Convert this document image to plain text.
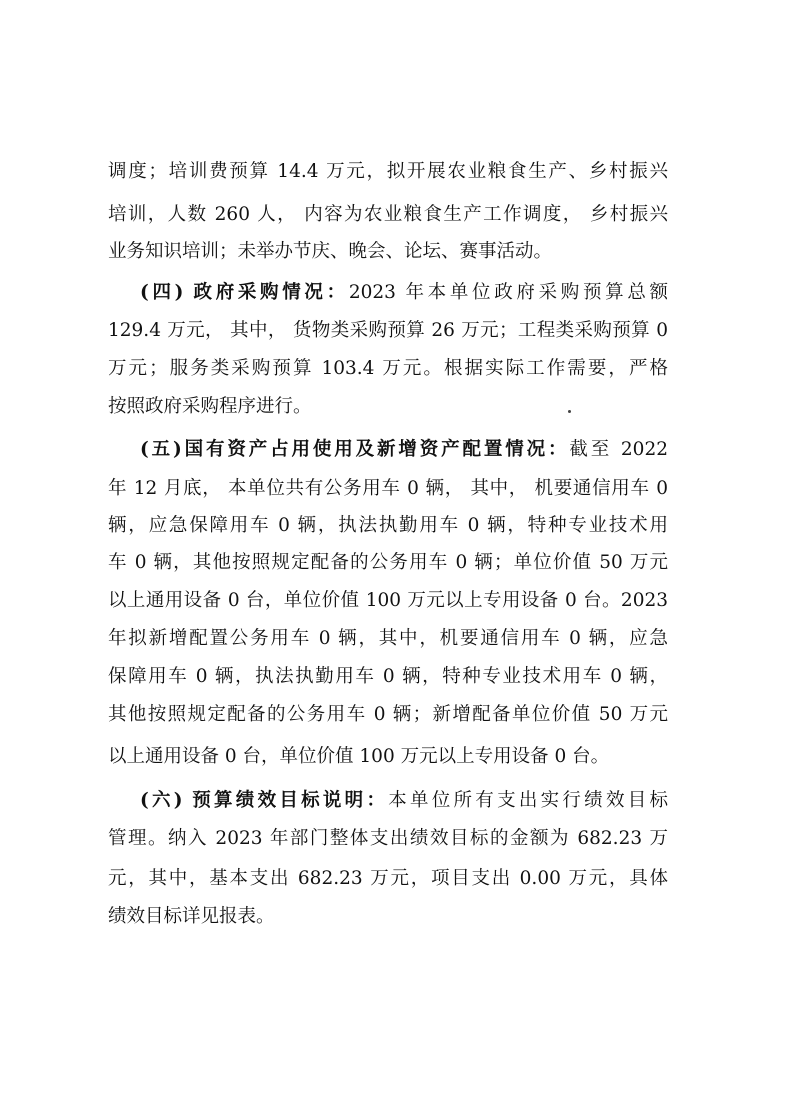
调度；培训费预算 14.4 万元，拟开展农业粮食生产、乡村振兴
培训，人数 260 人， 内容为农业粮食生产工作调度， 乡村振兴
业务知识培训；未举办节庆、晚会、论坛、赛事活动。
(四) 政府采购情况：2023 年本单位政府采购预算总额
129.4 万元， 其中， 货物类采购预算 26 万元；工程类采购预算 0
万元；服务类采购预算 103.4 万元。根据实际工作需要，严格
按照政府采购程序进行。
(五)国有资产占用使用及新增资产配置情况：截至 2022
年 12 月底， 本单位共有公务用车 0 辆， 其中， 机要通信用车 0
辆，应急保障用车 0 辆，执法执勤用车 0 辆，特种专业技术用
车 0 辆，其他按照规定配备的公务用车 0 辆；单位价值 50 万元
以上通用设备 0 台，单位价值 100 万元以上专用设备 0 台。2023
年拟新增配置公务用车 0 辆，其中，机要通信用车 0 辆，应急
保障用车 0 辆，执法执勤用车 0 辆，特种专业技术用车 0 辆，
其他按照规定配备的公务用车 0 辆；新增配备单位价值 50 万元
以上通用设备 0 台，单位价值 100 万元以上专用设备 0 台。
(六) 预算绩效目标说明：本单位所有支出实行绩效目标
管理。纳入 2023 年部门整体支出绩效目标的金额为 682.23 万
元，其中，基本支出 682.23 万元，项目支出 0.00 万元，具体
绩效目标详见报表。
